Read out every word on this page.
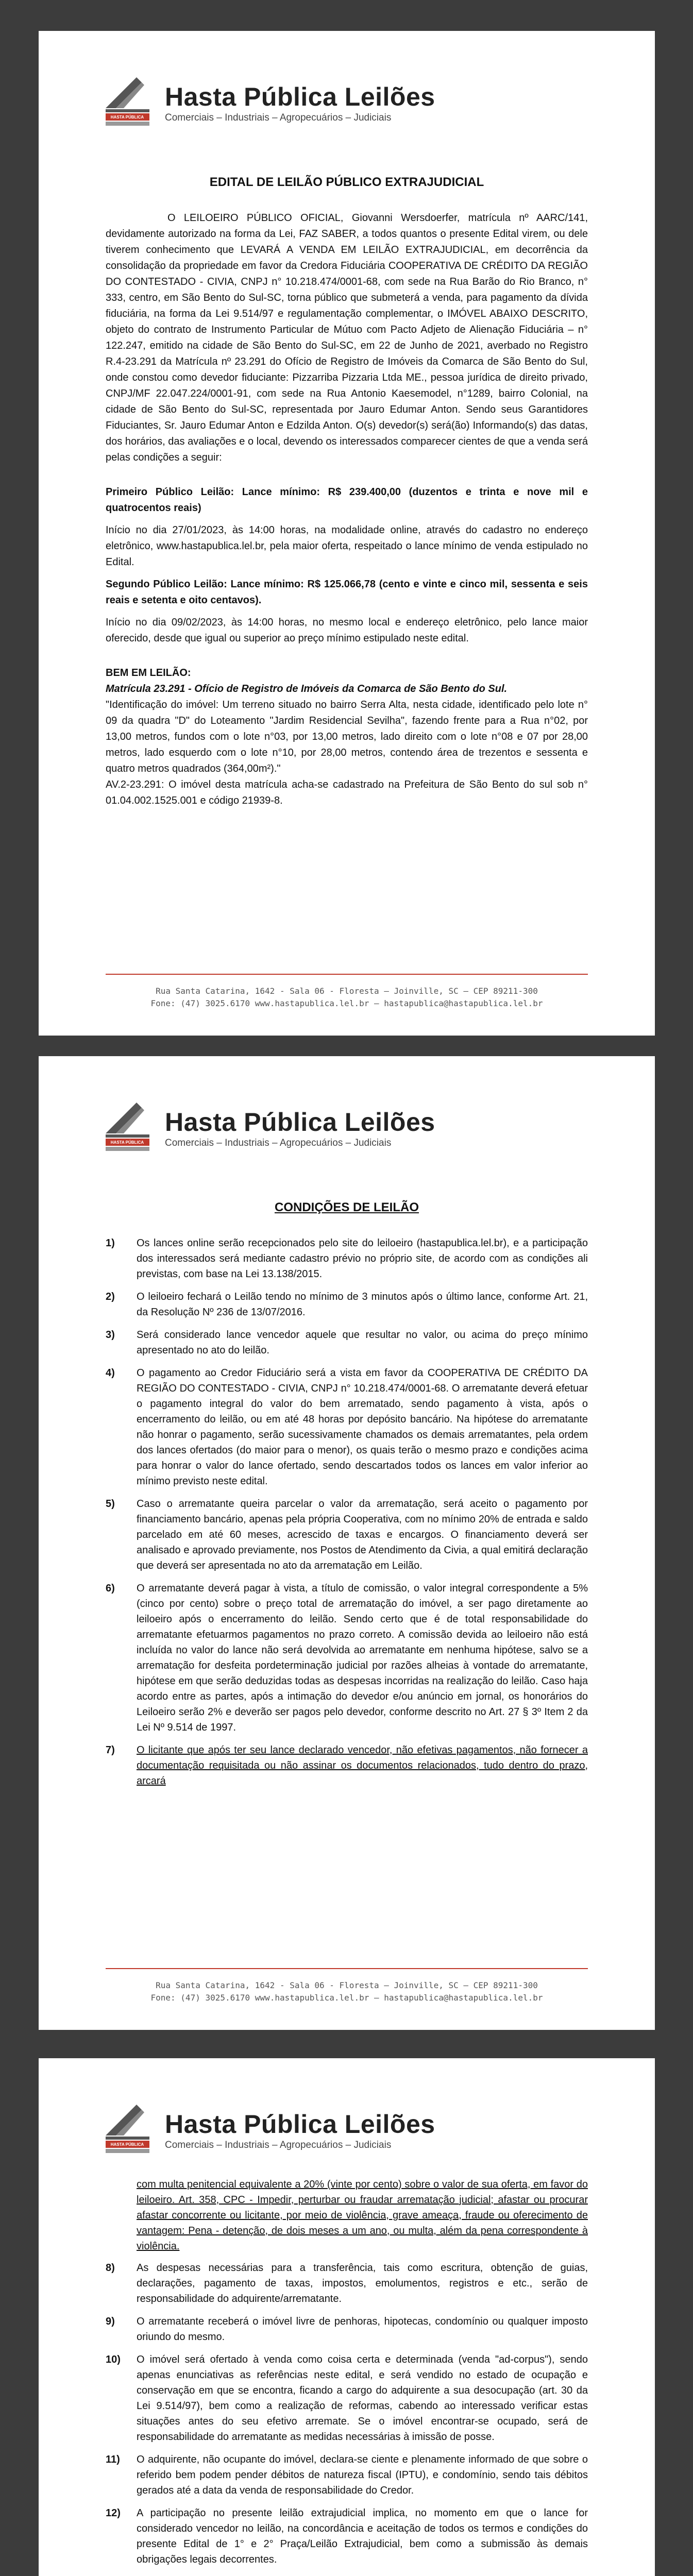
HASTA PÚBLICA
Hasta Pública Leilões
Comerciais – Industriais – Agropecuários – Judiciais
EDITAL DE LEILÃO PÚBLICO EXTRAJUDICIAL

O LEILOEIRO PÚBLICO OFICIAL, Giovanni Wersdoerfer, matrícula nº AARC/141, devidamente autorizado na forma da Lei, FAZ SABER, a todos quantos o presente Edital virem, ou dele tiverem conhecimento que LEVARÁ A VENDA EM LEILÃO EXTRAJUDICIAL, em decorrência da consolidação da propriedade em favor da Credora Fiduciária COOPERATIVA DE CRÉDITO DA REGIÃO DO CONTESTADO - CIVIA, CNPJ n° 10.218.474/0001-68, com sede na Rua Barão do Rio Branco, n° 333, centro, em São Bento do Sul-SC, torna público que submeterá a venda, para pagamento da dívida fiduciária, na forma da Lei 9.514/97 e regulamentação complementar, o IMÓVEL ABAIXO DESCRITO, objeto do contrato de Instrumento Particular de Mútuo com Pacto Adjeto de Alienação Fiduciária – n° 122.247, emitido na cidade de São Bento do Sul-SC, em 22 de Junho de 2021, averbado no Registro R.4-23.291 da Matrícula nº 23.291 do Ofício de Registro de Imóveis da Comarca de São Bento do Sul, onde constou como devedor fiduciante: Pizzarriba Pizzaria Ltda ME., pessoa jurídica de direito privado, CNPJ/MF 22.047.224/0001-91, com sede na Rua Antonio Kaesemodel, n°1289, bairro Colonial, na cidade de São Bento do Sul-SC, representada por Jauro Edumar Anton. Sendo seus Garantidores Fiduciantes, Sr. Jauro Edumar Anton e Edzilda Anton. O(s) devedor(s) será(ão) Informando(s) das datas, dos horários, das avaliações e o local, devendo os interessados comparecer cientes de que a venda será pelas condições a seguir:

Primeiro Público Leilão: Lance mínimo: R$ 239.400,00 (duzentos e trinta e nove mil e quatrocentos reais)

Início no dia 27/01/2023, às 14:00 horas, na modalidade online, através do cadastro no endereço eletrônico, www.hastapublica.lel.br, pela maior oferta, respeitado o lance mínimo de venda estipulado no Edital.

Segundo Público Leilão: Lance mínimo: R$ 125.066,78 (cento e vinte e cinco mil, sessenta e seis reais e setenta e oito centavos).

Início no dia 09/02/2023, às 14:00 horas, no mesmo local e endereço eletrônico, pelo lance maior oferecido, desde que igual ou superior ao preço mínimo estipulado neste edital.

BEM EM LEILÃO:

Matrícula 23.291 - Ofício de Registro de Imóveis da Comarca de São Bento do Sul.

"Identificação do imóvel: Um terreno situado no bairro Serra Alta, nesta cidade, identificado pelo lote n° 09 da quadra "D" do Loteamento "Jardim Residencial Sevilha", fazendo frente para a Rua n°02, por 13,00 metros, fundos com o lote n°03, por 13,00 metros, lado direito com o lote n°08 e 07 por 28,00 metros, lado esquerdo com o lote n°10, por 28,00 metros, contendo área de trezentos e sessenta e quatro metros quadrados (364,00m²)."

AV.2-23.291: O imóvel desta matrícula acha-se cadastrado na Prefeitura de São Bento do sul sob n° 01.04.002.1525.001 e código 21939-8.

Rua Santa Catarina, 1642 - Sala 06 - Floresta – Joinville, SC – CEP 89211-300
Fone: (47) 3025.6170 www.hastapublica.lel.br – hastapublica@hastapublica.lel.br
HASTA PÚBLICA
Hasta Pública Leilões
Comerciais – Industriais – Agropecuários – Judiciais
CONDIÇÕES DE LEILÃO
1) Os lances online serão recepcionados pelo site do leiloeiro (hastapublica.lel.br), e a participação dos interessados será mediante cadastro prévio no próprio site, de acordo com as condições ali previstas, com base na Lei 13.138/2015.
2) O leiloeiro fechará o Leilão tendo no mínimo de 3 minutos após o último lance, conforme Art. 21, da Resolução Nº 236 de 13/07/2016.
3) Será considerado lance vencedor aquele que resultar no valor, ou acima do preço mínimo apresentado no ato do leilão.
4) O pagamento ao Credor Fiduciário será a vista em favor da COOPERATIVA DE CRÉDITO DA REGIÃO DO CONTESTADO - CIVIA, CNPJ n° 10.218.474/0001-68. O arrematante deverá efetuar o pagamento integral do valor do bem arrematado, sendo pagamento à vista, após o encerramento do leilão, ou em até 48 horas por depósito bancário. Na hipótese do arrematante não honrar o pagamento, serão sucessivamente chamados os demais arrematantes, pela ordem dos lances ofertados (do maior para o menor), os quais terão o mesmo prazo e condições acima para honrar o valor do lance ofertado, sendo descartados todos os lances em valor inferior ao mínimo previsto neste edital.
5) Caso o arrematante queira parcelar o valor da arrematação, será aceito o pagamento por financiamento bancário, apenas pela própria Cooperativa, com no mínimo 20% de entrada e saldo parcelado em até 60 meses, acrescido de taxas e encargos. O financiamento deverá ser analisado e aprovado previamente, nos Postos de Atendimento da Civia, a qual emitirá declaração que deverá ser apresentada no ato da arrematação em Leilão.
6) O arrematante deverá pagar à vista, a título de comissão, o valor integral correspondente a 5% (cinco por cento) sobre o preço total de arrematação do imóvel, a ser pago diretamente ao leiloeiro após o encerramento do leilão. Sendo certo que é de total responsabilidade do arrematante efetuarmos pagamentos no prazo correto. A comissão devida ao leiloeiro não está incluída no valor do lance não será devolvida ao arrematante em nenhuma hipótese, salvo se a arrematação for desfeita pordeterminação judicial por razões alheias à vontade do arrematante, hipótese em que serão deduzidas todas as despesas incorridas na realização do leilão. Caso haja acordo entre as partes, após a intimação do devedor e/ou anúncio em jornal, os honorários do Leiloeiro serão 2% e deverão ser pagos pelo devedor, conforme descrito no Art. 27 § 3º Item 2 da Lei Nº 9.514 de 1997.
7) O licitante que após ter seu lance declarado vencedor, não efetivas pagamentos, não fornecer a documentação requisitada ou não assinar os documentos relacionados, tudo dentro do prazo, arcará
Rua Santa Catarina, 1642 - Sala 06 - Floresta – Joinville, SC – CEP 89211-300
Fone: (47) 3025.6170 www.hastapublica.lel.br – hastapublica@hastapublica.lel.br
HASTA PÚBLICA
Hasta Pública Leilões
Comerciais – Industriais – Agropecuários – Judiciais

com multa penitencial equivalente a 20% (vinte por cento) sobre o valor de sua oferta, em favor do leiloeiro. Art. 358, CPC - Impedir, perturbar ou fraudar arrematação judicial; afastar ou procurar afastar concorrente ou licitante, por meio de violência, grave ameaça, fraude ou oferecimento de vantagem: Pena - detenção, de dois meses a um ano, ou multa, além da pena correspondente à violência.

8) As despesas necessárias para a transferência, tais como escritura, obtenção de guias, declarações, pagamento de taxas, impostos, emolumentos, registros e etc., serão de responsabilidade do adquirente/arrematante.
9) O arrematante receberá o imóvel livre de penhoras, hipotecas, condomínio ou qualquer imposto oriundo do mesmo.
10) O imóvel será ofertado à venda como coisa certa e determinada (venda "ad-corpus"), sendo apenas enunciativas as referências neste edital, e será vendido no estado de ocupação e conservação em que se encontra, ficando a cargo do adquirente a sua desocupação (art. 30 da Lei 9.514/97), bem como a realização de reformas, cabendo ao interessado verificar estas situações antes do seu efetivo arremate. Se o imóvel encontrar-se ocupado, será de responsabilidade do arrematante as medidas necessárias à imissão de posse.
11) O adquirente, não ocupante do imóvel, declara-se ciente e plenamente informado de que sobre o referido bem podem pender débitos de natureza fiscal (IPTU), e condomínio, sendo tais débitos gerados até a data da venda de responsabilidade do Credor.
12) A participação no presente leilão extrajudicial implica, no momento em que o lance for considerado vencedor no leilão, na concordância e aceitação de todos os termos e condições do presente Edital de 1° e 2° Praça/Leilão Extrajudicial, bem como a submissão às demais obrigações legais decorrentes.
